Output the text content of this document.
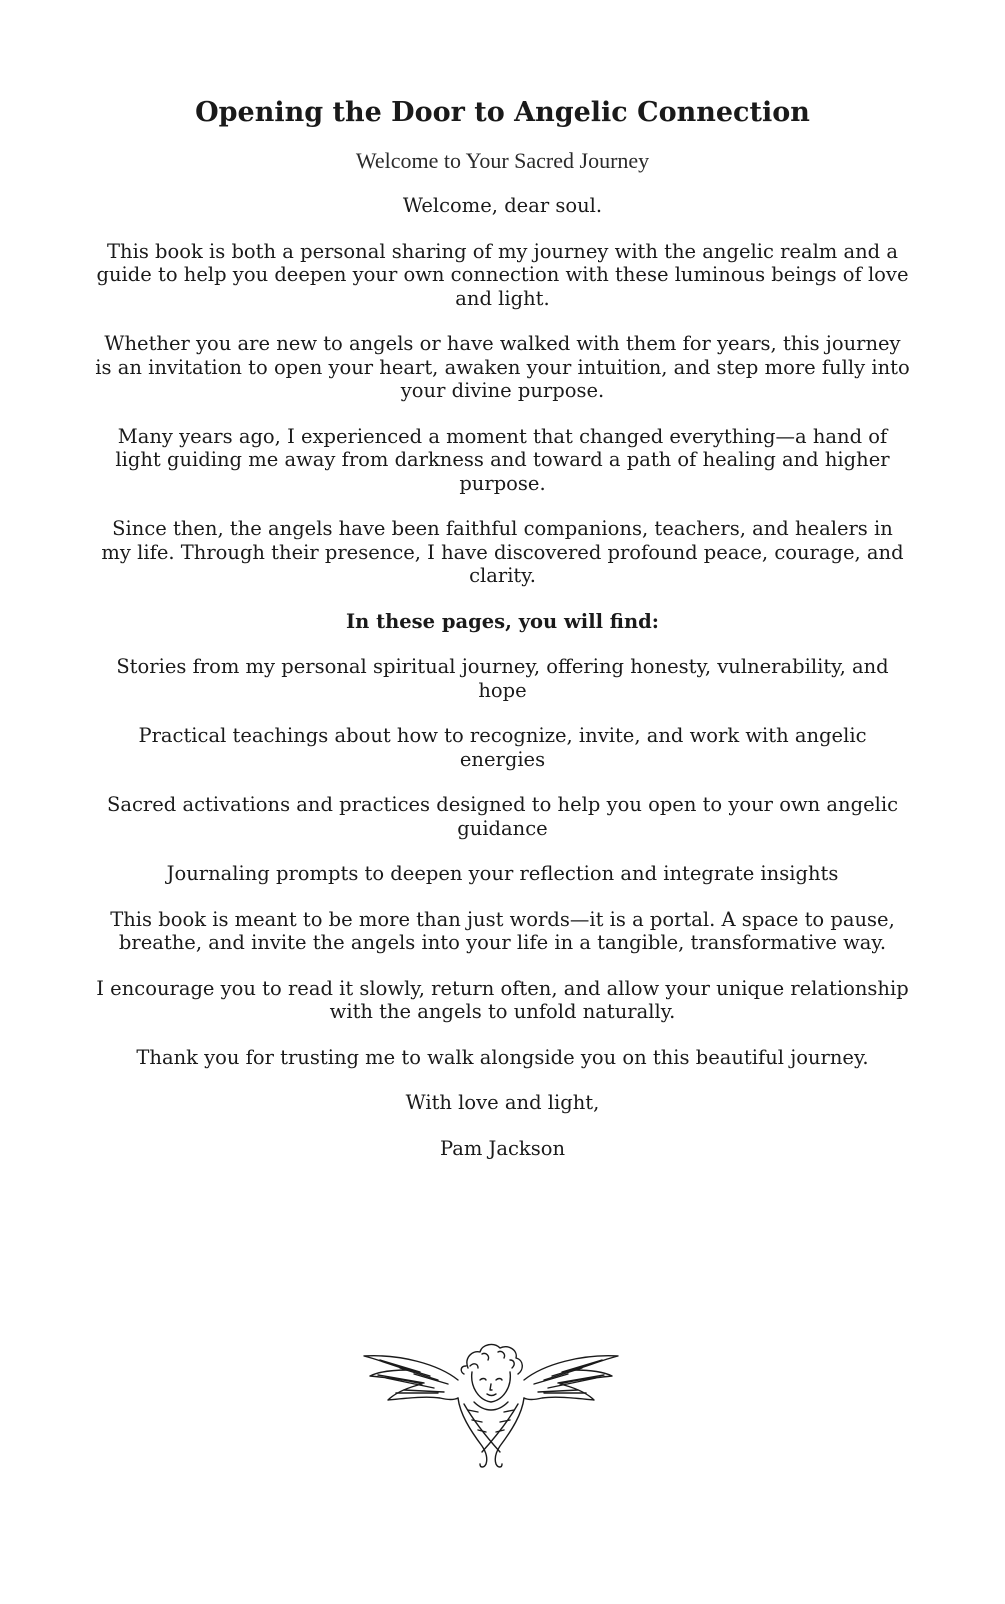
Opening the Door to Angelic Connection
Welcome to Your Sacred Journey

Welcome, dear soul.

This book is both a personal sharing of my journey with the angelic realm and a guide to help you deepen your own connection with these luminous beings of love and light.

Whether you are new to angels or have walked with them for years, this journey is an invitation to open your heart, awaken your intuition, and step more fully into your divine purpose.

Many years ago, I experienced a moment that changed everything—a hand of light guiding me away from darkness and toward a path of healing and higher purpose.

Since then, the angels have been faithful companions, teachers, and healers in my life. Through their presence, I have discovered profound peace, courage, and clarity.

In these pages, you will find:

Stories from my personal spiritual journey, offering honesty, vulnerability, and hope
Practical teachings about how to recognize, invite, and work with angelic energies
Sacred activations and practices designed to help you open to your own angelic guidance
Journaling prompts to deepen your reflection and integrate insights

This book is meant to be more than just words—it is a portal. A space to pause, breathe, and invite the angels into your life in a tangible, transformative way.

I encourage you to read it slowly, return often, and allow your unique relationship with the angels to unfold naturally.

Thank you for trusting me to walk alongside you on this beautiful journey.

With love and light,

Pam Jackson
